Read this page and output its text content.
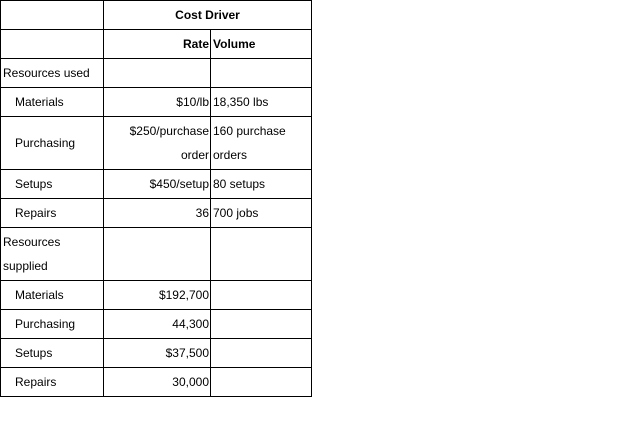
	Cost Driver	
	Rate	Volume
Resources used		
Materials	$10/lb	18,350 lbs
Purchasing	$250/purchase order	160 purchase orders
Setups	$450/setup	80 setups
Repairs	36	700 jobs
Resources supplied		
Materials	$192,700	
Purchasing	44,300	
Setups	$37,500	
Repairs	30,000	
